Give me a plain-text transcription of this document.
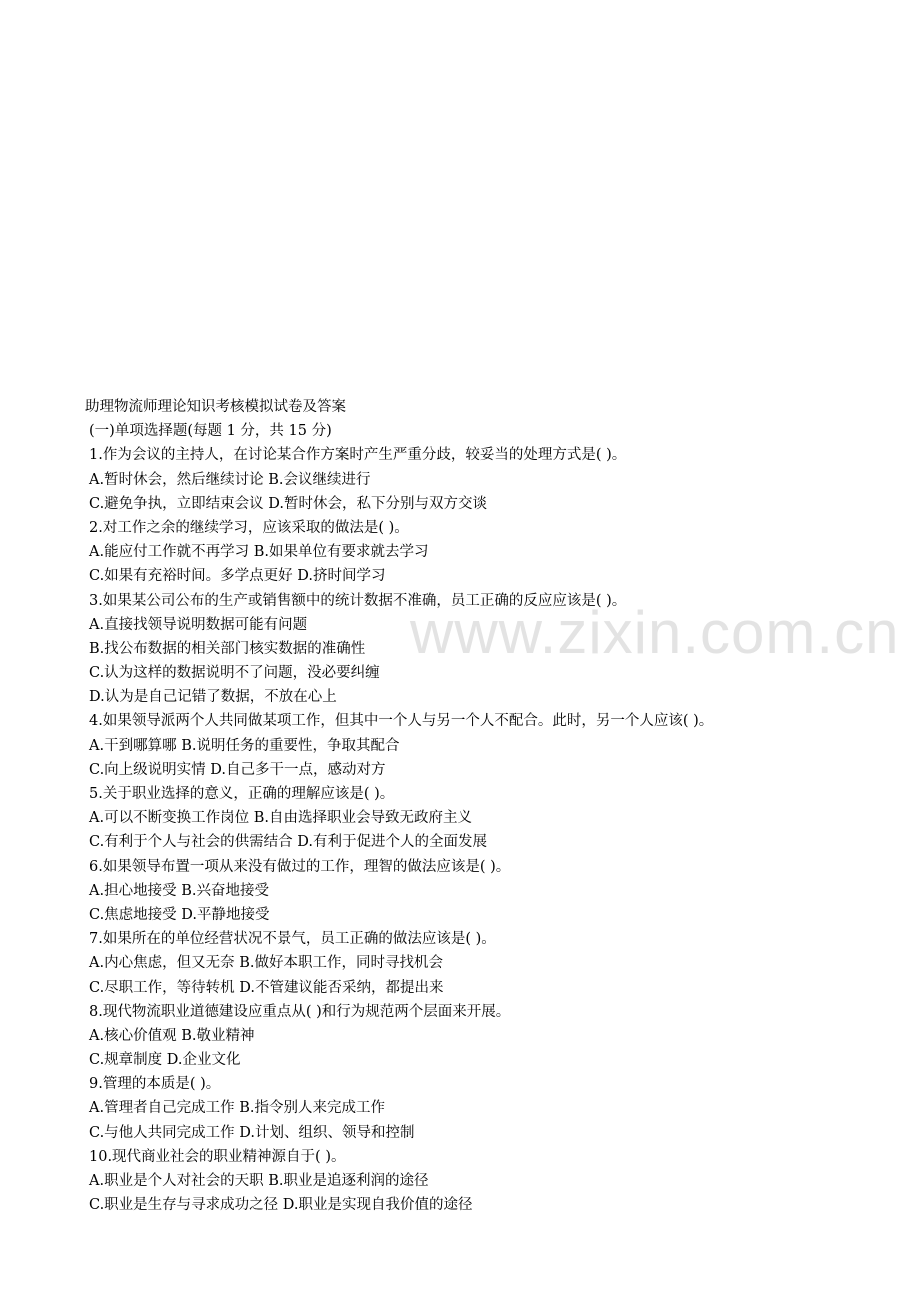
www.zixin.com.cn
助理物流师理论知识考核模拟试卷及答案
(一)单项选择题(每题 1 分，共 15 分)
1.作为会议的主持人，在讨论某合作方案时产生严重分歧，较妥当的处理方式是( )。
A.暂时休会，然后继续讨论 B.会议继续进行
C.避免争执，立即结束会议 D.暂时休会，私下分别与双方交谈
2.对工作之余的继续学习，应该采取的做法是( )。
A.能应付工作就不再学习 B.如果单位有要求就去学习
C.如果有充裕时间。多学点更好 D.挤时间学习
3.如果某公司公布的生产或销售额中的统计数据不准确，员工正确的反应应该是( )。
A.直接找领导说明数据可能有问题
B.找公布数据的相关部门核实数据的准确性
C.认为这样的数据说明不了问题，没必要纠缠
D.认为是自己记错了数据，不放在心上
4.如果领导派两个人共同做某项工作，但其中一个人与另一个人不配合。此时，另一个人应该( )。
A.干到哪算哪 B.说明任务的重要性，争取其配合
C.向上级说明实情 D.自己多干一点，感动对方
5.关于职业选择的意义，正确的理解应该是( )。
A.可以不断变换工作岗位 B.自由选择职业会导致无政府主义
C.有利于个人与社会的供需结合 D.有利于促进个人的全面发展
6.如果领导布置一项从来没有做过的工作，理智的做法应该是( )。
A.担心地接受 B.兴奋地接受
C.焦虑地接受 D.平静地接受
7.如果所在的单位经营状况不景气，员工正确的做法应该是( )。
A.内心焦虑，但又无奈 B.做好本职工作，同时寻找机会
C.尽职工作，等待转机 D.不管建议能否采纳，都提出来
8.现代物流职业道德建设应重点从( )和行为规范两个层面来开展。
A.核心价值观 B.敬业精神
C.规章制度 D.企业文化
9.管理的本质是( )。
A.管理者自己完成工作 B.指令别人来完成工作
C.与他人共同完成工作 D.计划、组织、领导和控制
10.现代商业社会的职业精神源自于( )。
A.职业是个人对社会的天职 B.职业是追逐利润的途径
C.职业是生存与寻求成功之径 D.职业是实现自我价值的途径
